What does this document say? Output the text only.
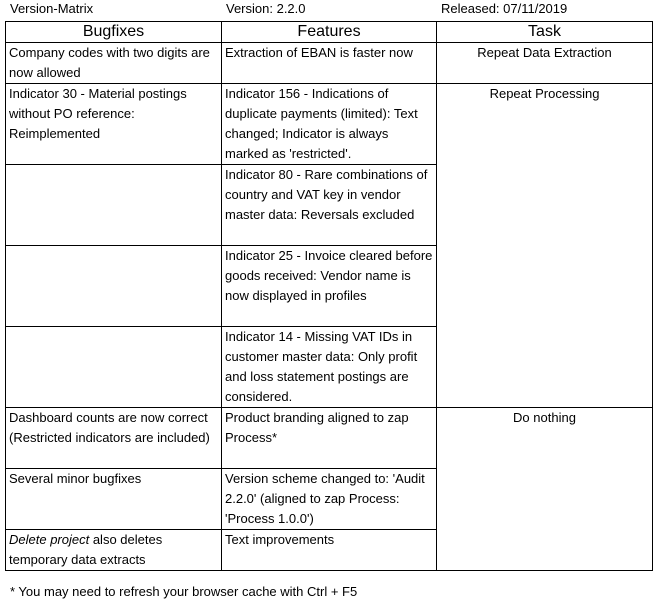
Version-Matrix	Version: 2.2.0	Released: 07/11/2019
Bugfixes	Features	Task
Company codes with two digits are now allowed	Extraction of EBAN is faster now	Repeat Data Extraction
Indicator 30 - Material postings without PO reference: Reimplemented	Indicator 156 - Indications of duplicate payments (limited): Text changed; Indicator is always marked as 'restricted'.	Repeat Processing
	Indicator 80 - Rare combinations of country and VAT key in vendor master data: Reversals excluded	
	Indicator 25 - Invoice cleared before goods received: Vendor name is now displayed in profiles	
	Indicator 14 - Missing VAT IDs in customer master data: Only profit and loss statement postings are considered.	
Dashboard counts are now correct (Restricted indicators are included)	Product branding aligned to zap Process*	Do nothing
Several minor bugfixes	Version scheme changed to: 'Audit 2.2.0' (aligned to zap Process: 'Process 1.0.0')	
Delete project also deletes temporary data extracts	Text improvements	
* You may need to refresh your browser cache with Ctrl + F5
